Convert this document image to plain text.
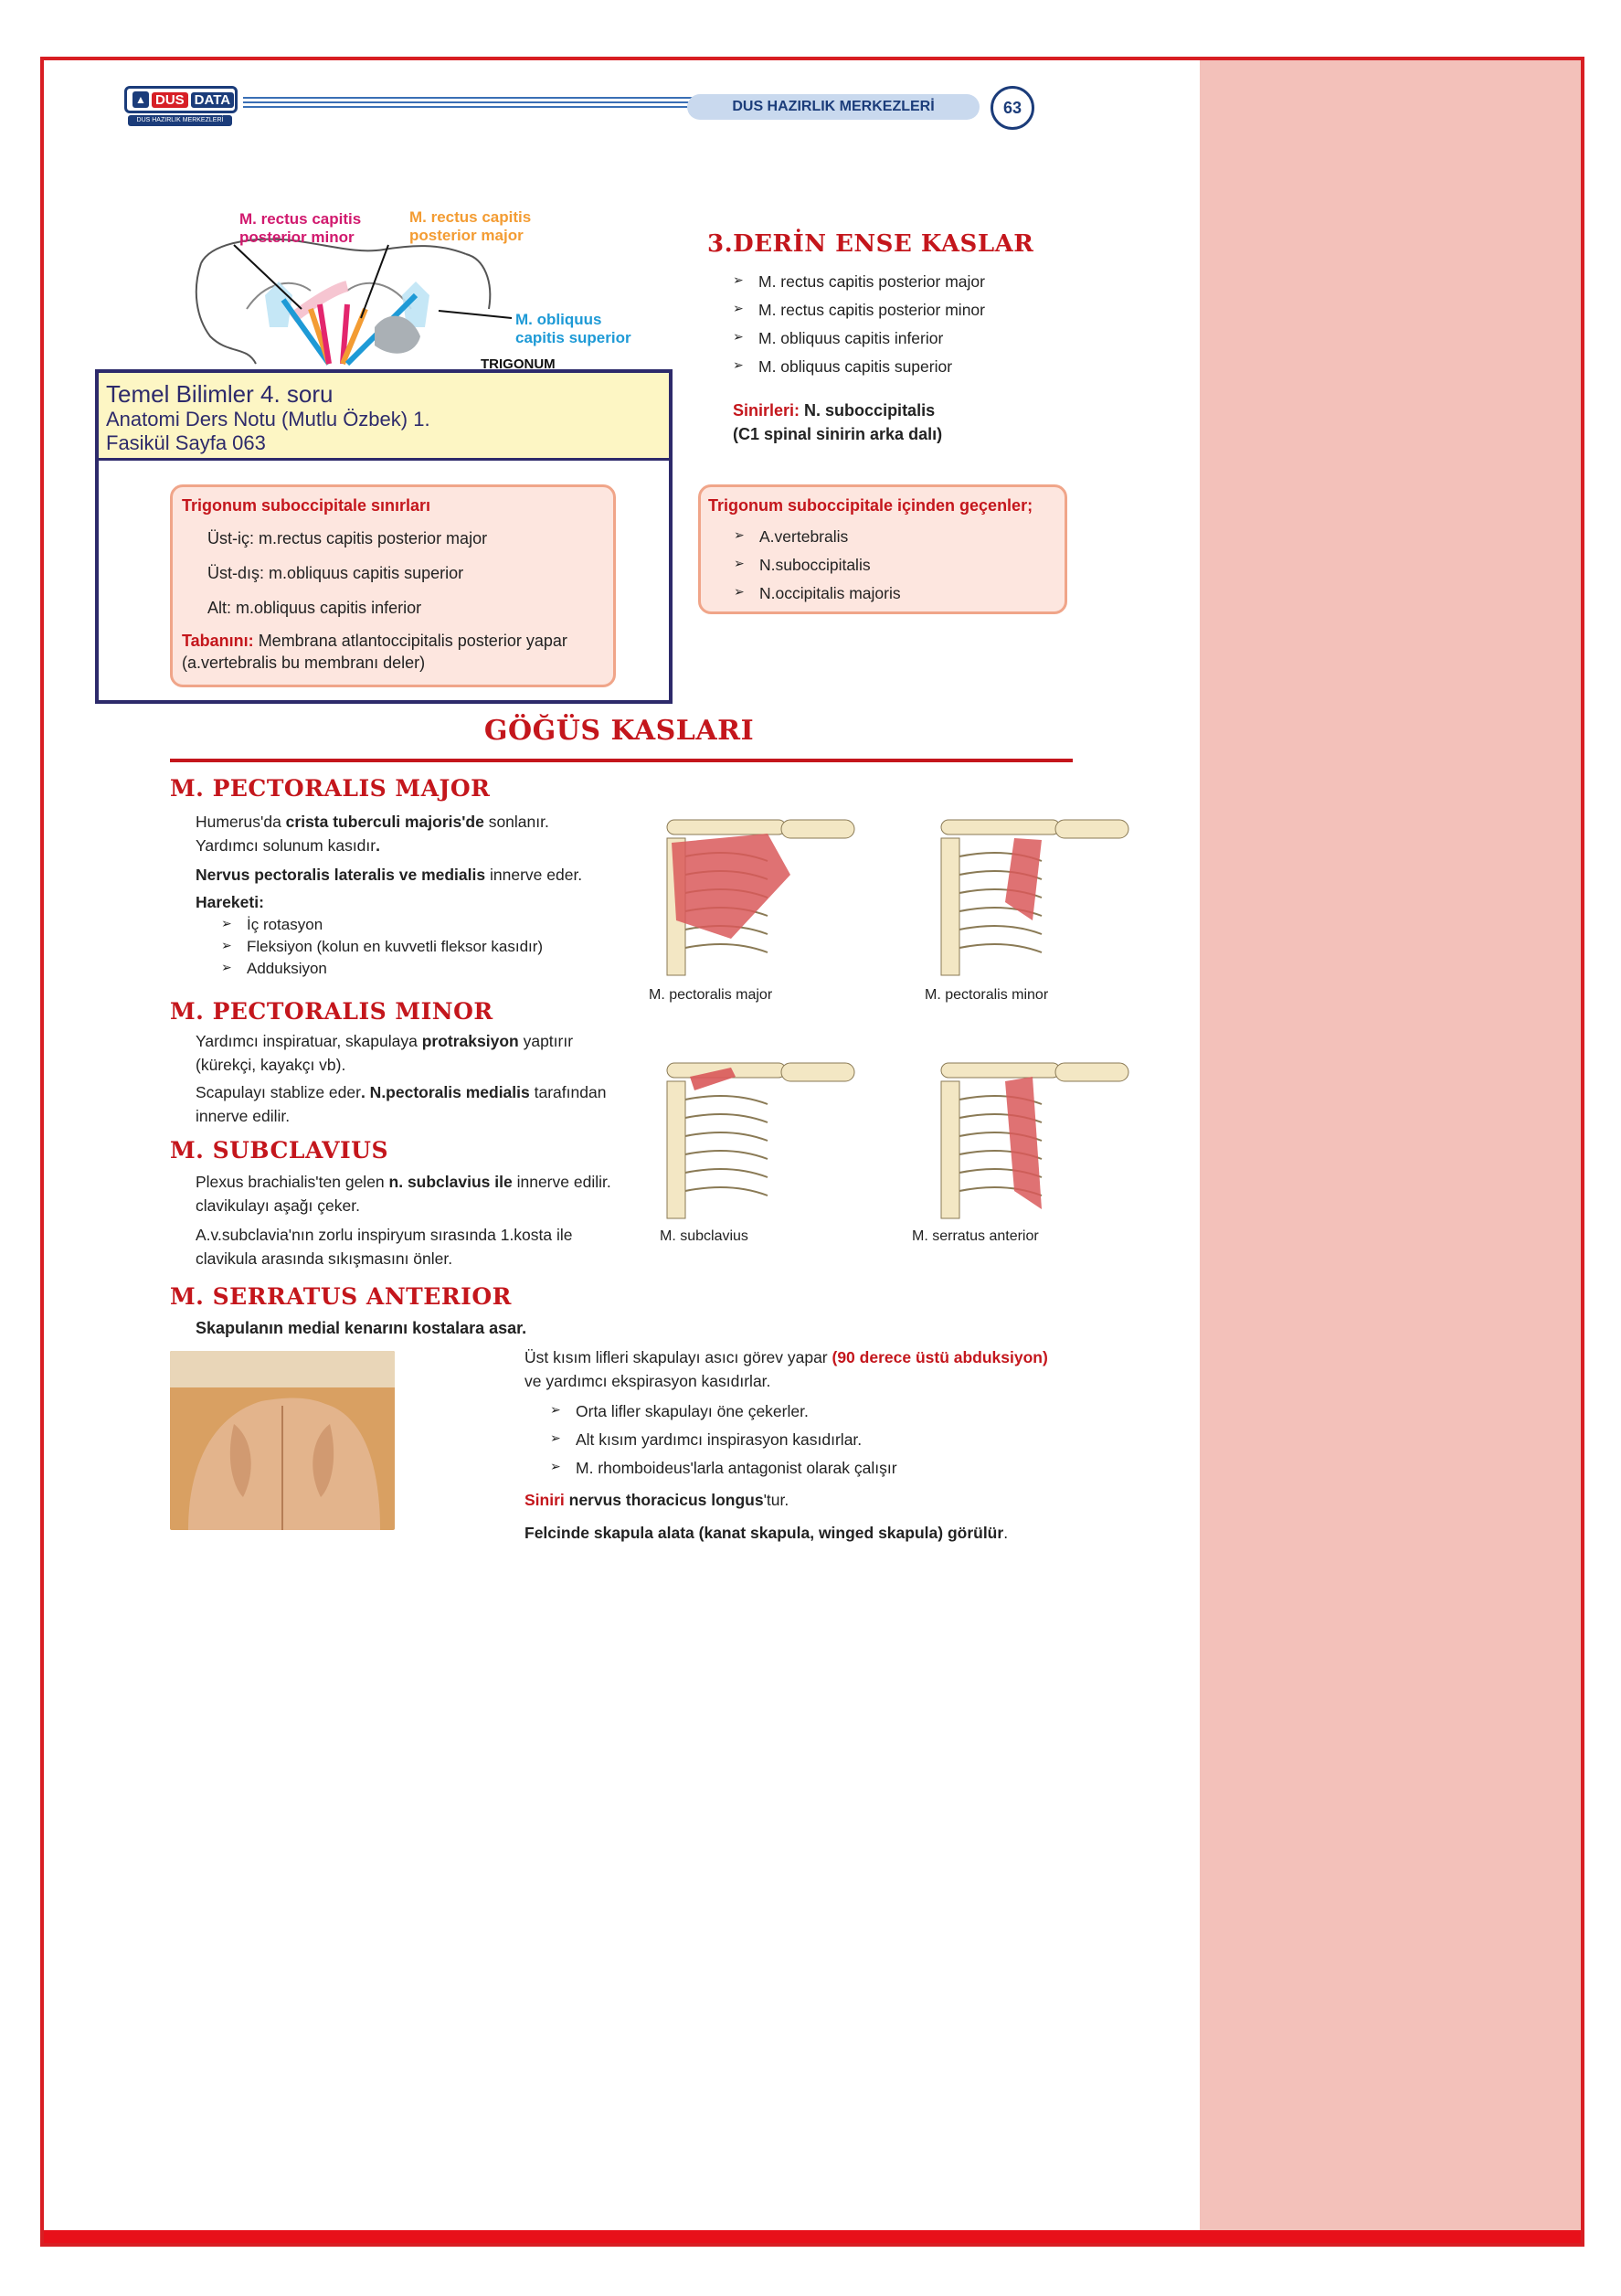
▲ DUS DATA
DUS HAZIRLIK MERKEZLERİ
DUS HAZIRLIK MERKEZLERİ	63
M. rectus capitis
posterior minor
M. rectus capitis
posterior major
M. obliquus
capitis superior
TRIGONUM
3.DERİN ENSE KASLAR
➢ M. rectus capitis posterior major
➢ M. rectus capitis posterior minor
➢ M. obliquus capitis inferior
➢ M. obliquus capitis superior
Sinirleri: N. suboccipitalis
(C1 spinal sinirin arka dalı)
Trigonum suboccipitale sınırları
Üst-iç: m.rectus capitis posterior major
Üst-dış: m.obliquus capitis superior
Alt: m.obliquus capitis inferior
Tabanını: Membrana atlantoccipitalis posterior yapar
(a.vertebralis bu membranı deler)
Trigonum suboccipitale içinden geçenler;
➢ A.vertebralis
➢ N.suboccipitalis
➢ N.occipitalis majoris
Temel Bilimler 4. soru
Anatomi Ders Notu (Mutlu Özbek) 1.
Fasikül Sayfa 063
GÖĞÜS KASLARI
M. PECTORALIS MAJOR
Humerus'da crista tuberculi majoris'de sonlanır.
Yardımcı solunum kasıdır.
Nervus pectoralis lateralis ve medialis innerve eder.
Hareketi:
➢ İç rotasyon
➢ Fleksiyon (kolun en kuvvetli fleksor kasıdır)
➢ Adduksiyon
M. PECTORALIS MINOR
Yardımcı inspiratuar, skapulaya protraksiyon yaptırır
(kürekçi, kayakçı vb).
Scapulayı stablize eder. N.pectoralis medialis tarafından
innerve edilir.
M. SUBCLAVIUS
Plexus brachialis'ten gelen n. subclavius ile innerve edilir.
clavikulayı aşağı çeker.
A.v.subclavia'nın zorlu inspiryum sırasında 1.kosta ile
clavikula arasında sıkışmasını önler.
M. pectoralis major	M. pectoralis minor
M. subclavius	M. serratus anterior
M. SERRATUS ANTERIOR
Skapulanın medial kenarını kostalara asar.
Üst kısım lifleri skapulayı asıcı görev yapar (90 derece üstü abduksiyon)
ve yardımcı ekspirasyon kasıdırlar.
➢ Orta lifler skapulayı öne çekerler.
➢ Alt kısım yardımcı inspirasyon kasıdırlar.
➢ M. rhomboideus'larla antagonist olarak çalışır
Siniri nervus thoracicus longus'tur.
Felcinde skapula alata (kanat skapula, winged skapula) görülür.
